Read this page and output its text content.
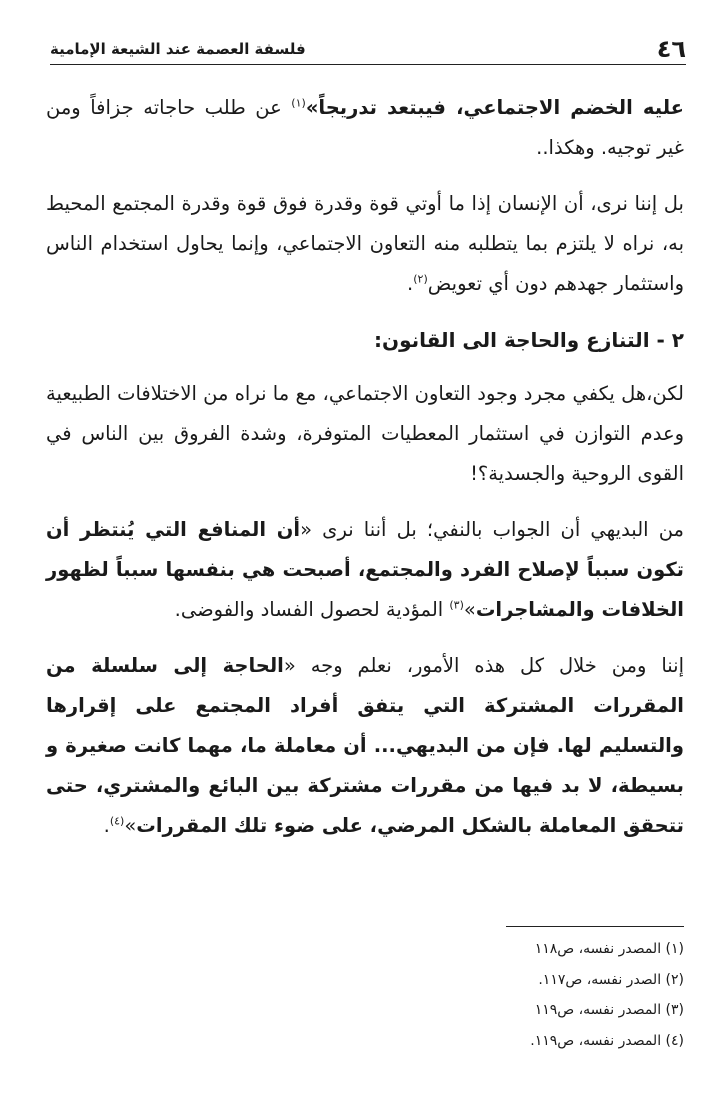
٤٦
فلسفة العصمة عند الشيعة الإمامية

عليه الخضم الاجتماعي، فيبتعد تدريجاً»$^{(١)}$ عن طلب حاجاته جزافاً ومن غير توجيه. وهكذا..

بل إننا نرى، أن الإنسان إذا ما أوتي قوة وقدرة فوق قوة وقدرة المجتمع المحيط به، نراه لا يلتزم بما يتطلبه منه التعاون الاجتماعي، وإنما يحاول استخدام الناس واستثمار جهدهم دون أي تعويض$^{(٢)}$.

٢ - التنازع والحاجة الى القانون:

لكن،هل يكفي مجرد وجود التعاون الاجتماعي، مع ما نراه من الاختلافات الطبيعية وعدم التوازن في استثمار المعطيات المتوفرة، وشدة الفروق بين الناس في القوى الروحية والجسدية؟!

من البديهي أن الجواب بالنفي؛ بل أننا نرى «أن المنافع التي يُنتظر أن تكون سبباً لإصلاح الفرد والمجتمع، أصبحت هي بنفسها سبباً لظهور الخلافات والمشاجرات»$^{(٣)}$ المؤدية لحصول الفساد والفوضى.

إننا ومن خلال كل هذه الأمور، نعلم وجه «الحاجة إلى سلسلة من المقررات المشتركة التي يتفق أفراد المجتمع على إقرارها والتسليم لها. فإن من البديهي... أن معاملة ما، مهما كانت صغيرة و بسيطة، لا بد فيها من مقررات مشتركة بين البائع والمشتري، حتى تتحقق المعاملة بالشكل المرضي، على ضوء تلك المقررات»$^{(٤)}$.

(١) المصدر نفسه، ص١١٨

(٢) الصدر نفسه، ص١١٧.

(٣) المصدر نفسه، ص١١٩

(٤) المصدر نفسه، ص١١٩.
